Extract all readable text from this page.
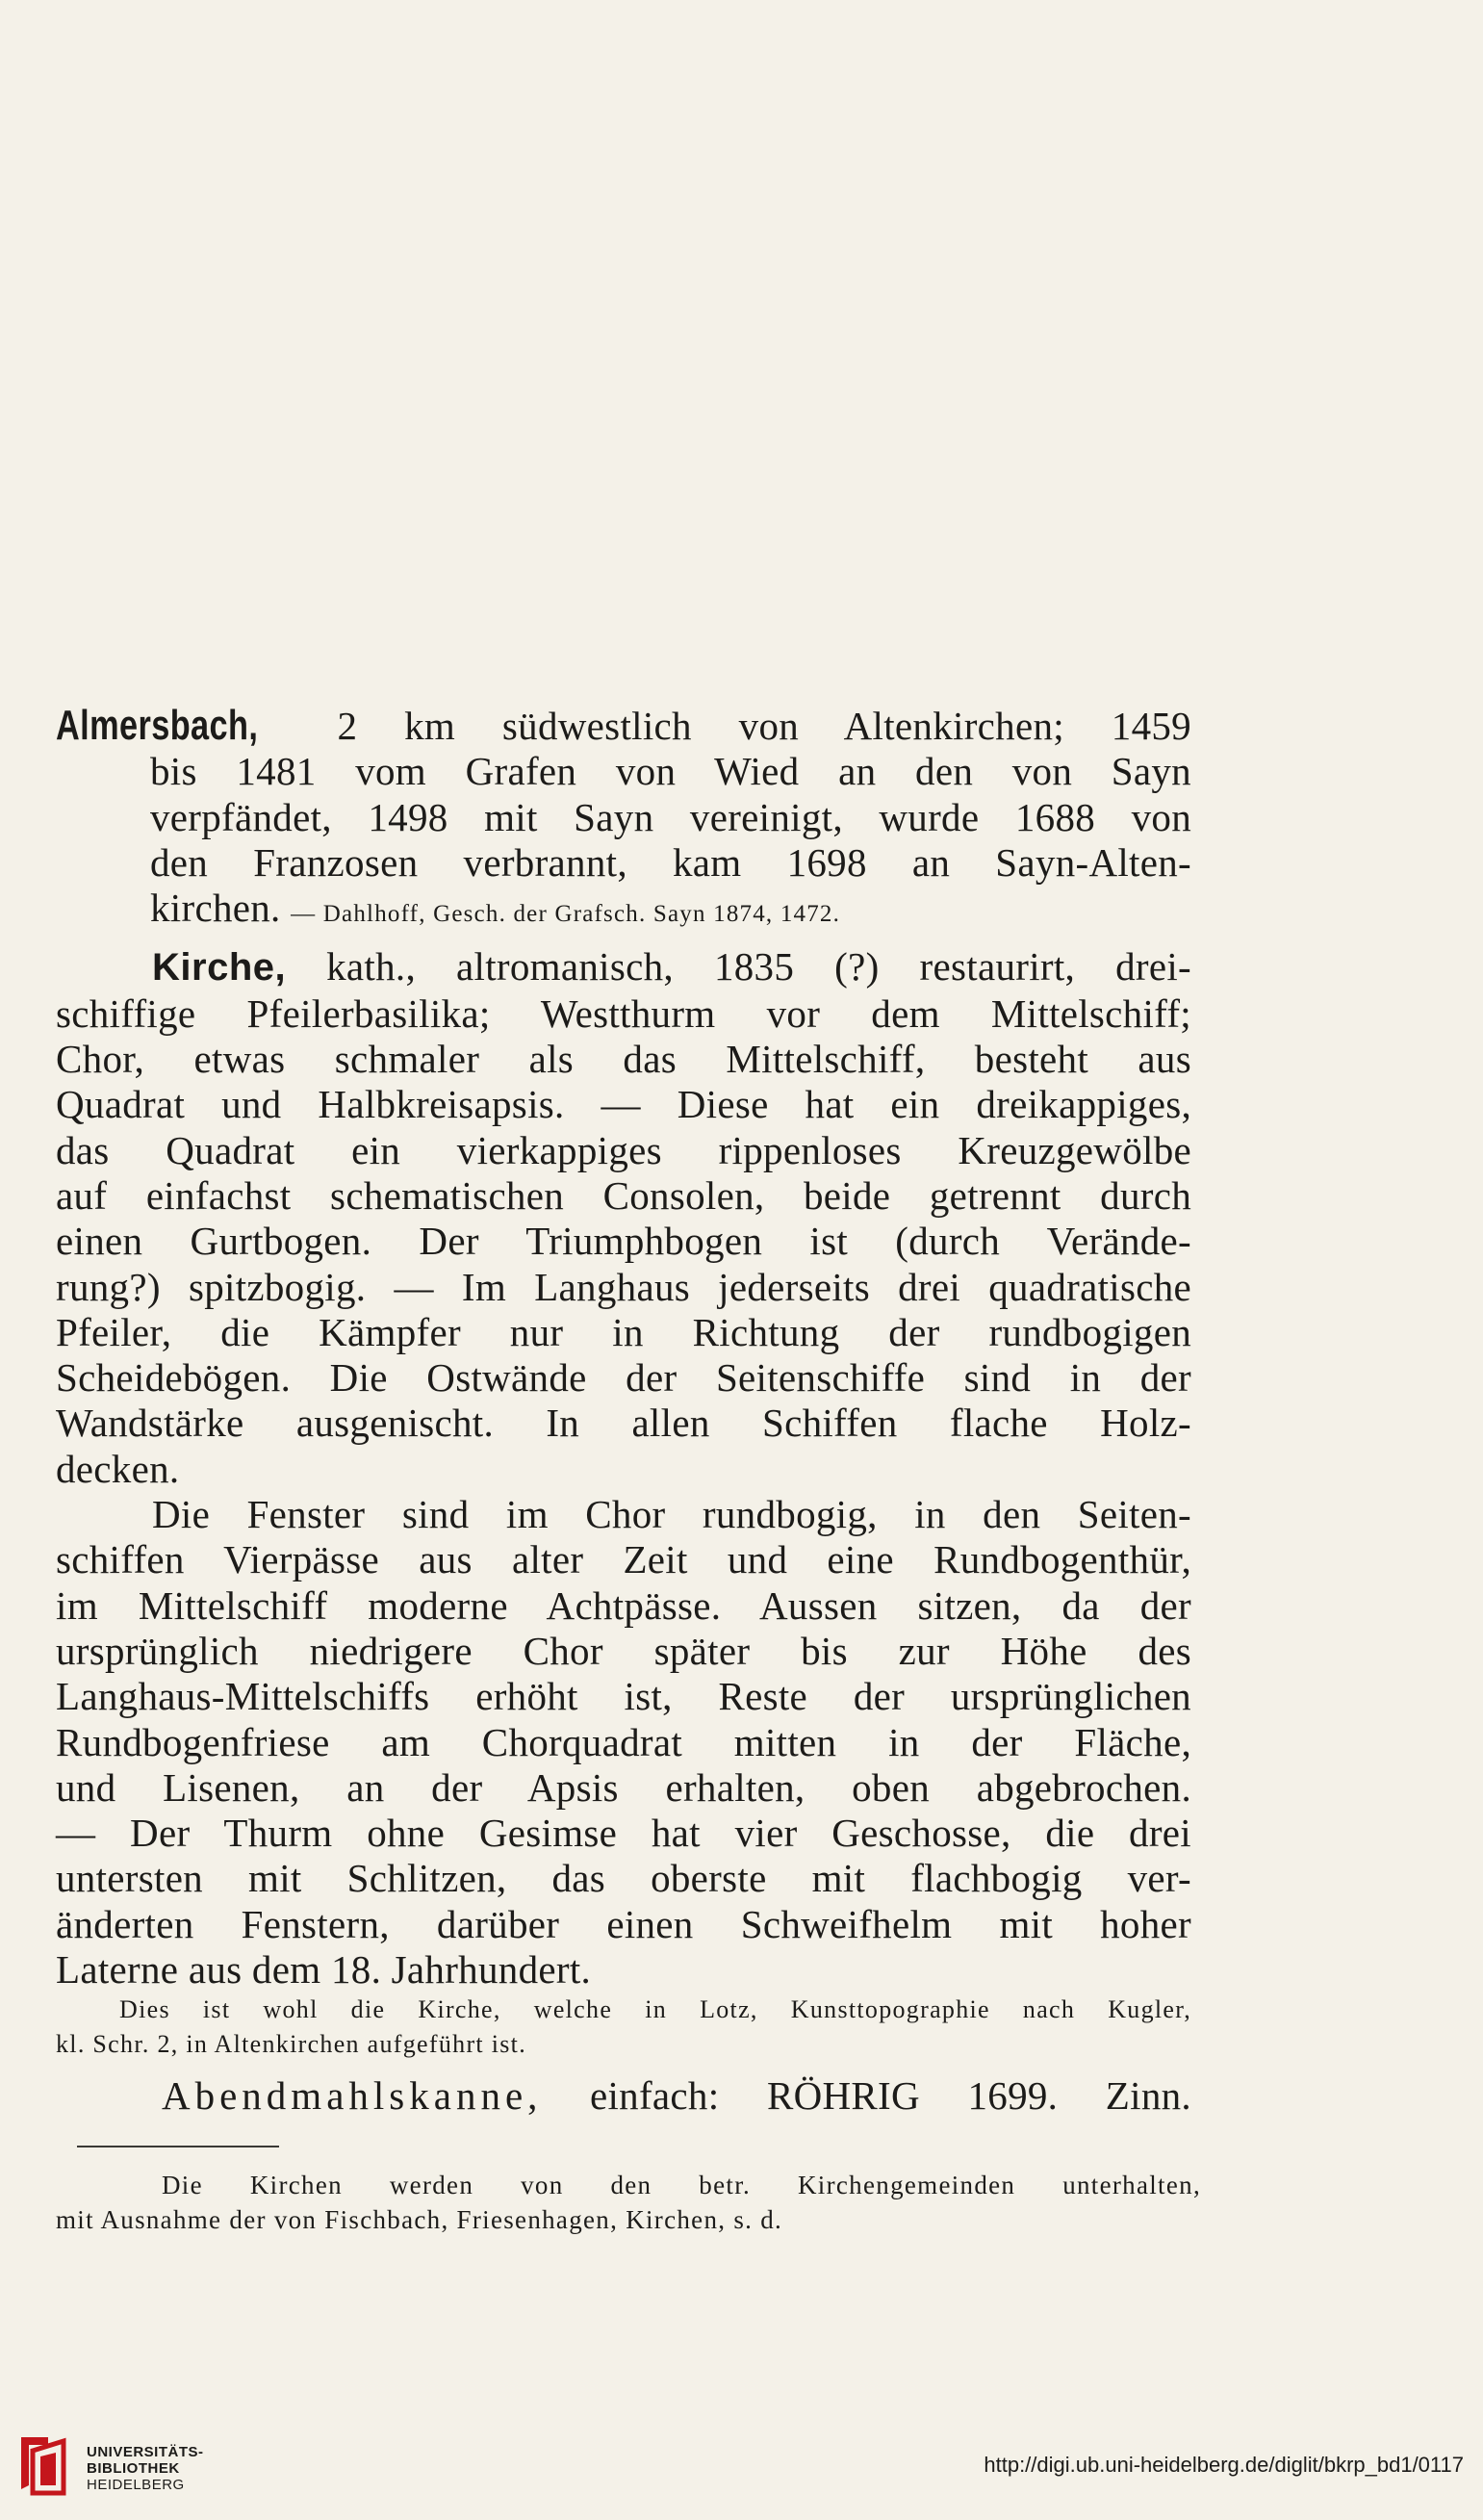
Almersbach, 2 km südwestlich von Altenkirchen; 1459
bis 1481 vom Grafen von Wied an den von Sayn
verpfändet, 1498 mit Sayn vereinigt, wurde 1688 von
den Franzosen verbrannt, kam 1698 an Sayn-Alten-
kirchen. — Dahlhoff, Gesch. der Grafsch. Sayn 1874, 1472.
Kirche, kath., altromanisch, 1835 (?) restaurirt, drei-
schiffige Pfeilerbasilika; Westthurm vor dem Mittelschiff;
Chor, etwas schmaler als das Mittelschiff, besteht aus
Quadrat und Halbkreisapsis. — Diese hat ein dreikappiges,
das Quadrat ein vierkappiges rippenloses Kreuzgewölbe
auf einfachst schematischen Consolen, beide getrennt durch
einen Gurtbogen. Der Triumphbogen ist (durch Verände-
rung?) spitzbogig. — Im Langhaus jederseits drei quadratische
Pfeiler, die Kämpfer nur in Richtung der rundbogigen
Scheidebögen. Die Ostwände der Seitenschiffe sind in der
Wandstärke ausgenischt. In allen Schiffen flache Holz-
decken.
Die Fenster sind im Chor rundbogig, in den Seiten-
schiffen Vierpässe aus alter Zeit und eine Rundbogenthür,
im Mittelschiff moderne Achtpässe. Aussen sitzen, da der
ursprünglich niedrigere Chor später bis zur Höhe des
Langhaus-Mittelschiffs erhöht ist, Reste der ursprünglichen
Rundbogenfriese am Chorquadrat mitten in der Fläche,
und Lisenen, an der Apsis erhalten, oben abgebrochen.
— Der Thurm ohne Gesimse hat vier Geschosse, die drei
untersten mit Schlitzen, das oberste mit flachbogig ver-
änderten Fenstern, darüber einen Schweifhelm mit hoher
Laterne aus dem 18. Jahrhundert.
Dies ist wohl die Kirche, welche in Lotz, Kunsttopographie nach Kugler,
kl. Schr. 2, in Altenkirchen aufgeführt ist.
Abendmahlskanne, einfach: RÖHRIG 1699. Zinn.
Die Kirchen werden von den betr. Kirchengemeinden unterhalten,
mit Ausnahme der von Fischbach, Friesenhagen, Kirchen, s. d.
UNIVERSITÄTS-
BIBLIOTHEK
HEIDELBERG
http://digi.ub.uni-heidelberg.de/diglit/bkrp_bd1/0117
